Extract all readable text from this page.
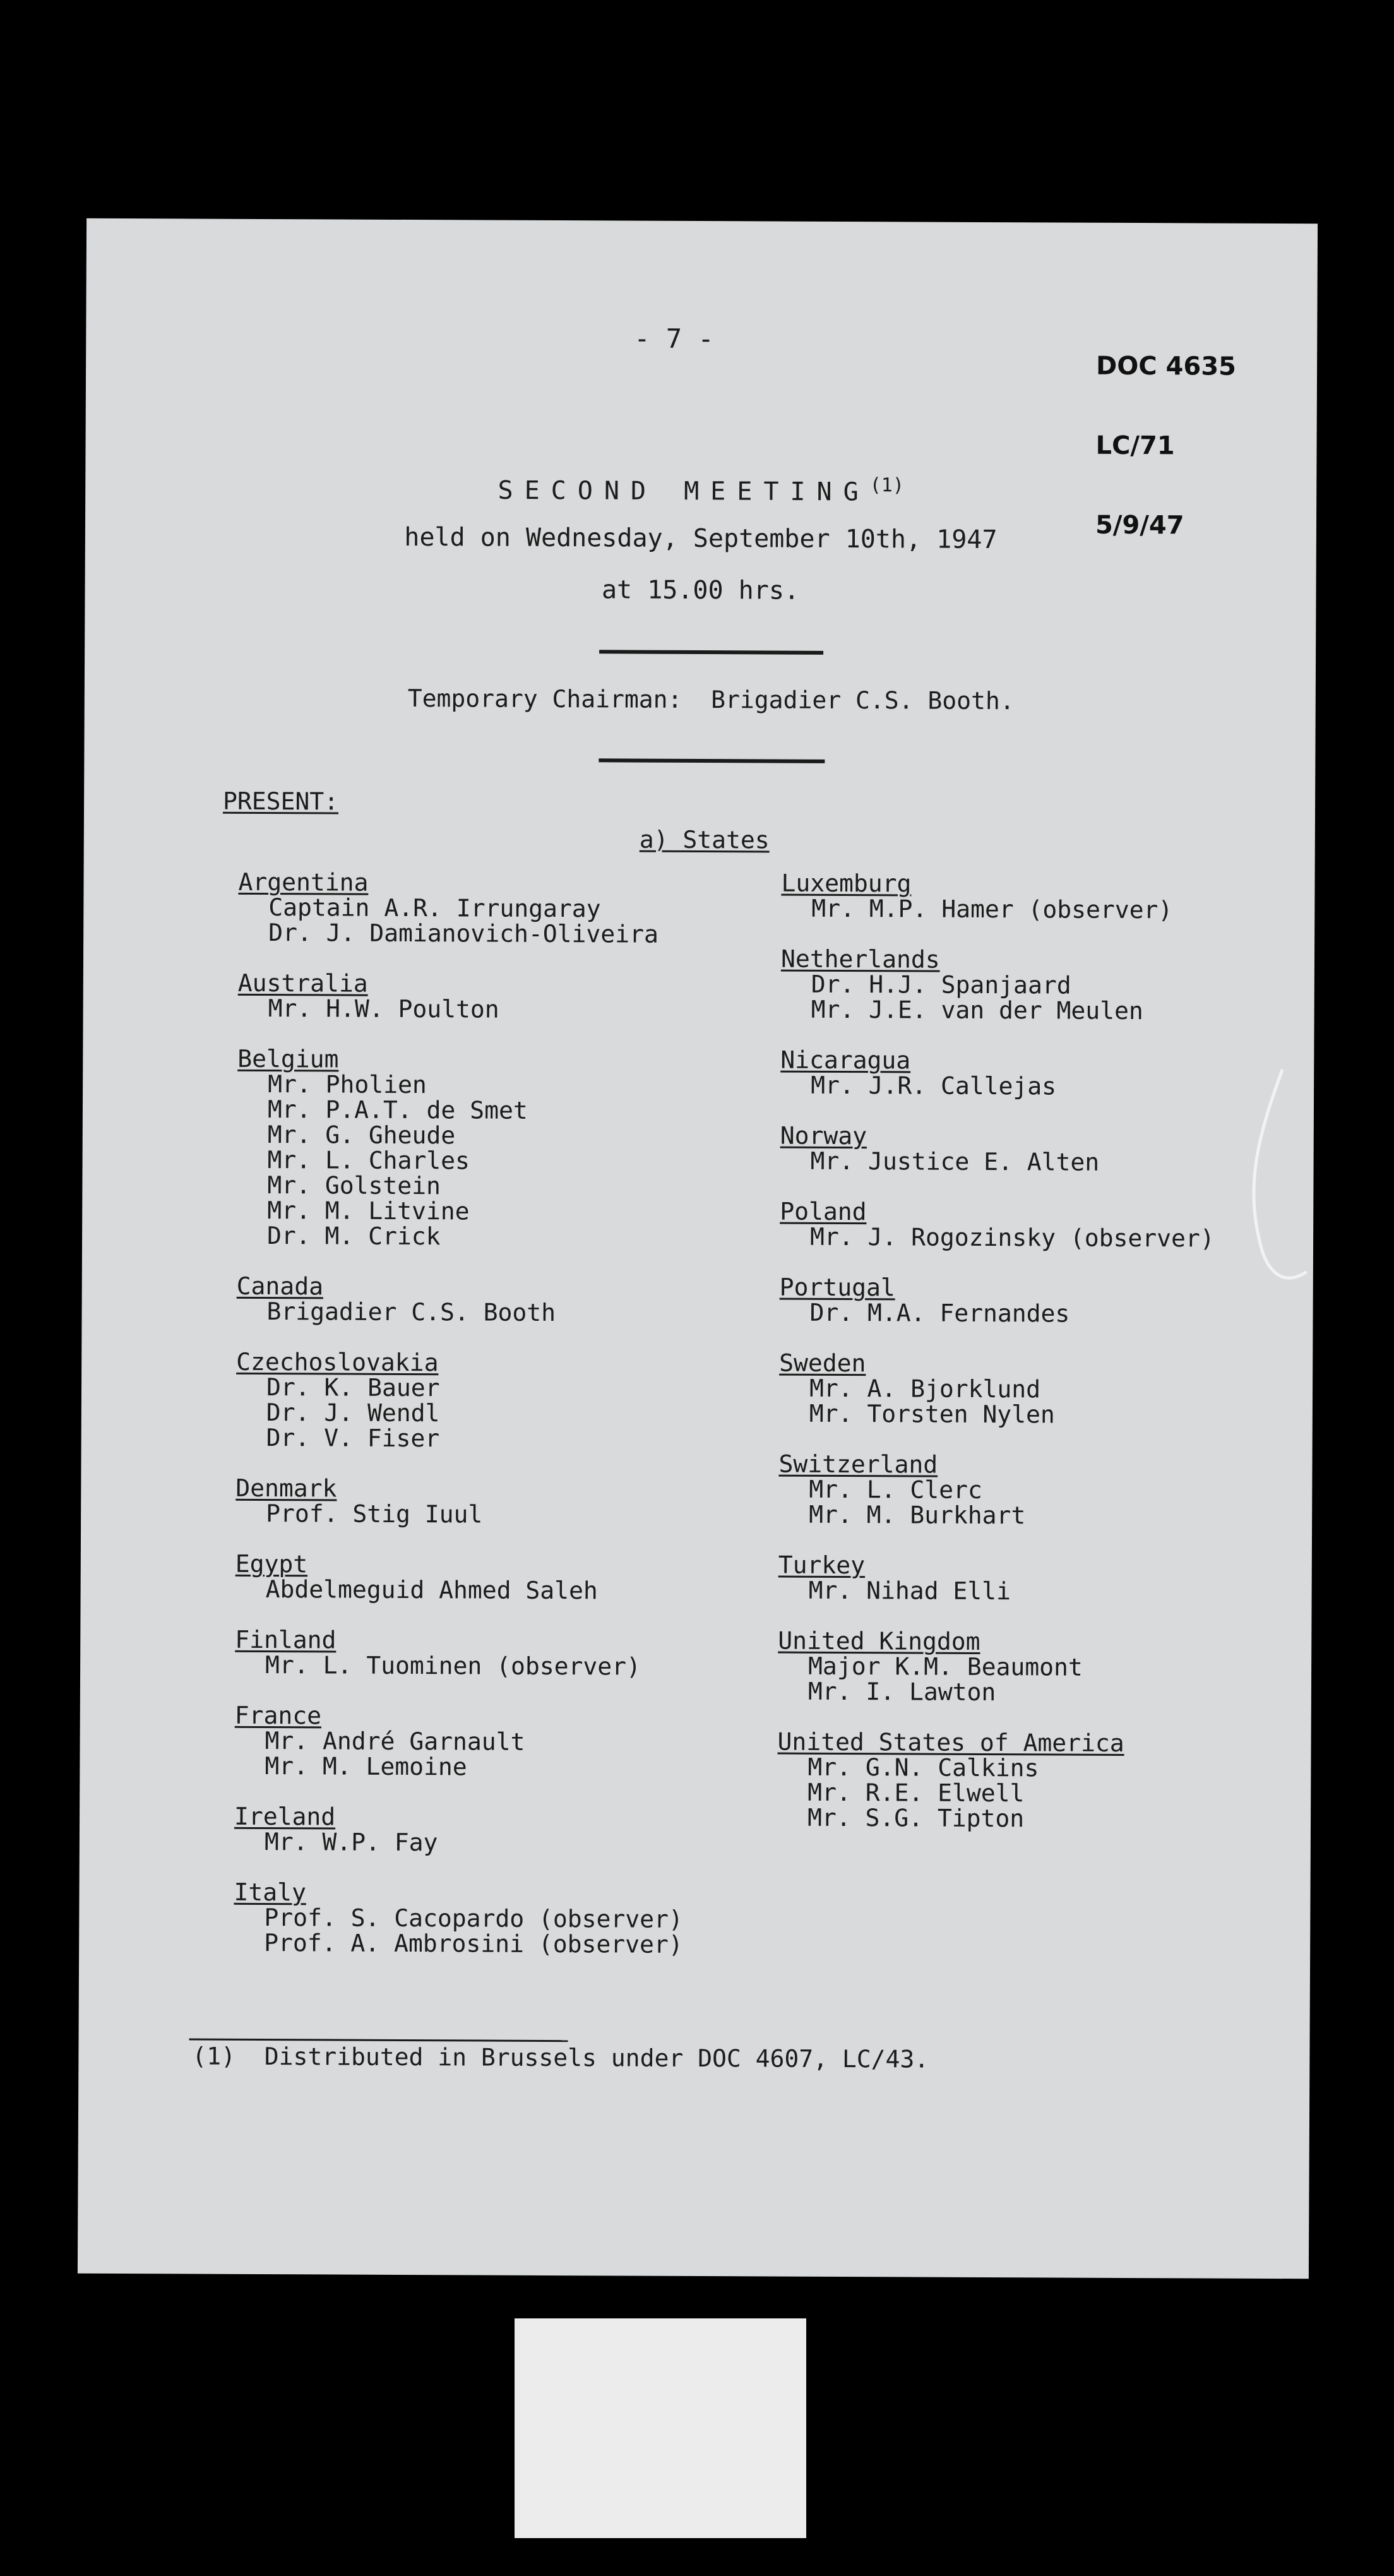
- 7 -

DOC 4635

LC/71

5/9/47

SECOND MEETING$^{(1)}$
held on Wednesday, September 10th, 1947
at 15.00 hrs.
Temporary Chairman:  Brigadier C.S. Booth.
PRESENT:
a) States
Argentina
Captain A.R. Irrungaray
Dr. J. Damianovich-Oliveira
Australia
Mr. H.W. Poulton
Belgium
Mr. Pholien
Mr. P.A.T. de Smet
Mr. G. Gheude
Mr. L. Charles
Mr. Golstein
Mr. M. Litvine
Dr. M. Crick
Canada
Brigadier C.S. Booth
Czechoslovakia
Dr. K. Bauer
Dr. J. Wendl
Dr. V. Fiser
Denmark
Prof. Stig Iuul
Egypt
Abdelmeguid Ahmed Saleh
Finland
Mr. L. Tuominen (observer)
France
Mr. André Garnault
Mr. M. Lemoine
Ireland
Mr. W.P. Fay
Italy
Prof. S. Cacopardo (observer)
Prof. A. Ambrosini (observer)
Luxemburg
Mr. M.P. Hamer (observer)
Netherlands
Dr. H.J. Spanjaard
Mr. J.E. van der Meulen
Nicaragua
Mr. J.R. Callejas
Norway
Mr. Justice E. Alten
Poland
Mr. J. Rogozinsky (observer)
Portugal
Dr. M.A. Fernandes
Sweden
Mr. A. Bjorklund
Mr. Torsten Nylen
Switzerland
Mr. L. Clerc
Mr. M. Burkhart
Turkey
Mr. Nihad Elli
United Kingdom
Major K.M. Beaumont
Mr. I. Lawton
United States of America
Mr. G.N. Calkins
Mr. R.E. Elwell
Mr. S.G. Tipton
(1)  Distributed in Brussels under DOC 4607, LC/43.
